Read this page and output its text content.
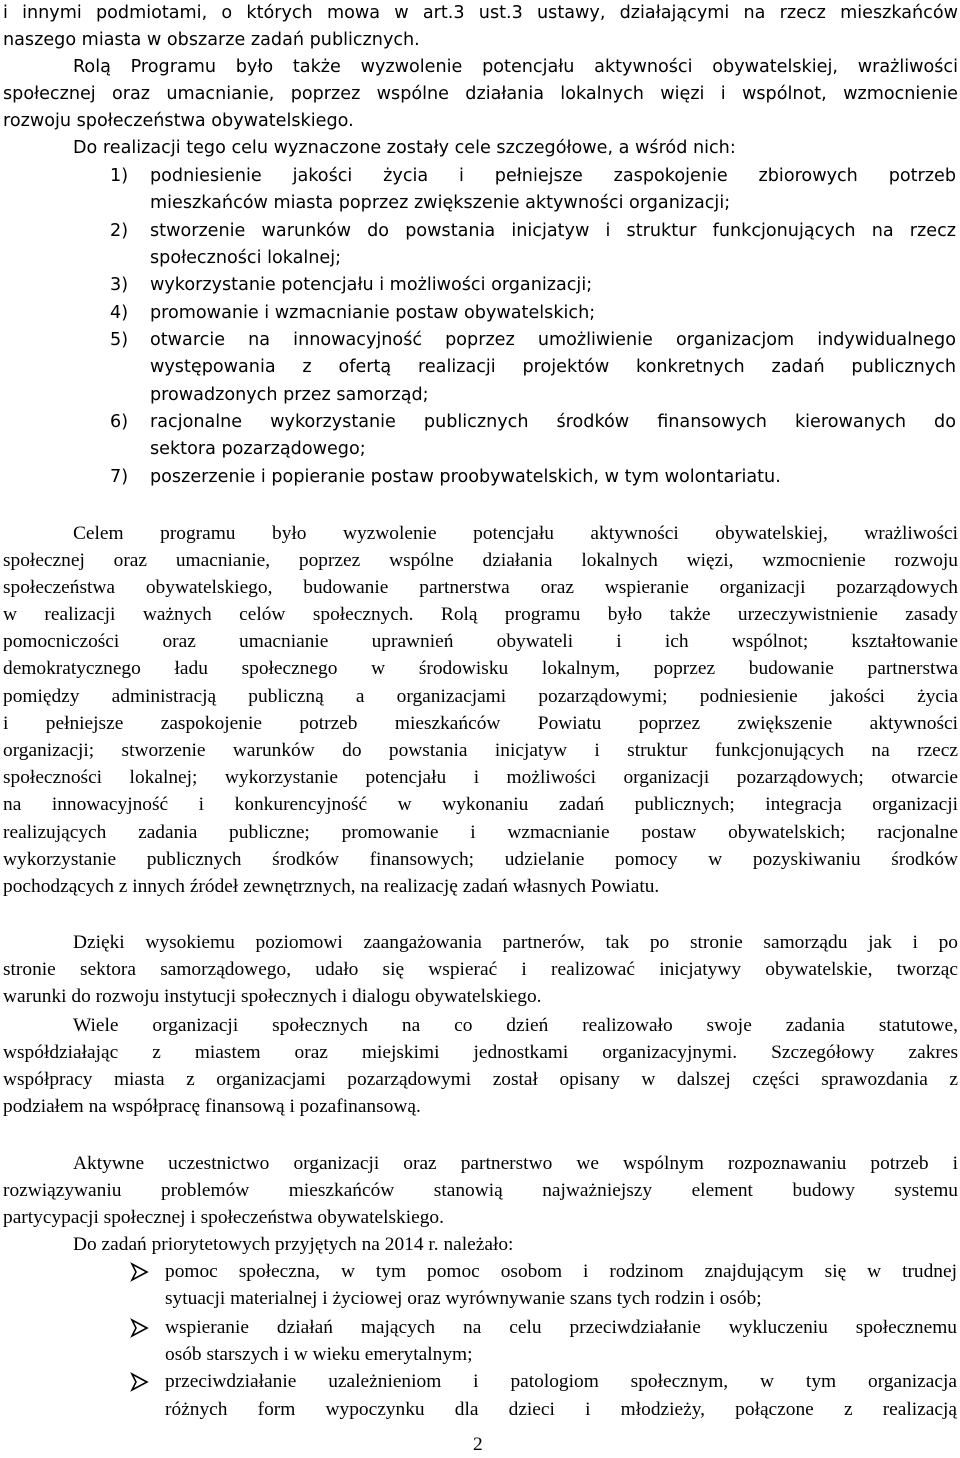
i innymi podmiotami, o których mowa w art.3 ust.3 ustawy, działającymi na rzecz mieszkańców
naszego miasta w obszarze zadań publicznych.
Rolą Programu było także wyzwolenie potencjału aktywności obywatelskiej, wrażliwości
społecznej oraz umacnianie, poprzez wspólne działania lokalnych więzi i wspólnot, wzmocnienie
rozwoju społeczeństwa obywatelskiego.
Do realizacji tego celu wyznaczone zostały cele szczegółowe, a wśród nich:
1) podniesienie jakości życia i pełniejsze zaspokojenie zbiorowych potrzeb
mieszkańców miasta poprzez zwiększenie aktywności organizacji;
2) stworzenie warunków do powstania inicjatyw i struktur funkcjonujących na rzecz
społeczności lokalnej;
3) wykorzystanie potencjału i możliwości organizacji;
4) promowanie i wzmacnianie postaw obywatelskich;
5) otwarcie na innowacyjność poprzez umożliwienie organizacjom indywidualnego
występowania z ofertą realizacji projektów konkretnych zadań publicznych
prowadzonych przez samorząd;
6) racjonalne wykorzystanie publicznych środków finansowych kierowanych do
sektora pozarządowego;
7) poszerzenie i popieranie postaw proobywatelskich, w tym wolontariatu.
Celem programu było wyzwolenie potencjału aktywności obywatelskiej, wrażliwości
społecznej oraz umacnianie, poprzez wspólne działania lokalnych więzi, wzmocnienie rozwoju
społeczeństwa obywatelskiego, budowanie partnerstwa oraz wspieranie organizacji pozarządowych
w realizacji ważnych celów społecznych. Rolą programu było także urzeczywistnienie zasady
pomocniczości oraz umacnianie uprawnień obywateli i ich wspólnot; kształtowanie
demokratycznego ładu społecznego w środowisku lokalnym, poprzez budowanie partnerstwa
pomiędzy administracją publiczną a organizacjami pozarządowymi; podniesienie jakości życia
i pełniejsze zaspokojenie potrzeb mieszkańców Powiatu poprzez zwiększenie aktywności
organizacji; stworzenie warunków do powstania inicjatyw i struktur funkcjonujących na rzecz
społeczności lokalnej; wykorzystanie potencjału i możliwości organizacji pozarządowych; otwarcie
na innowacyjność i konkurencyjność w wykonaniu zadań publicznych; integracja organizacji
realizujących zadania publiczne; promowanie i wzmacnianie postaw obywatelskich; racjonalne
wykorzystanie publicznych środków finansowych; udzielanie pomocy w pozyskiwaniu środków
pochodzących z innych źródeł zewnętrznych, na realizację zadań własnych Powiatu.
Dzięki wysokiemu poziomowi zaangażowania partnerów, tak po stronie samorządu jak i po
stronie sektora samorządowego, udało się wspierać i realizować inicjatywy obywatelskie, tworząc
warunki do rozwoju instytucji społecznych i dialogu obywatelskiego.
Wiele organizacji społecznych na co dzień realizowało swoje zadania statutowe,
współdziałając z miastem oraz miejskimi jednostkami organizacyjnymi. Szczegółowy zakres
współpracy miasta z organizacjami pozarządowymi został opisany w dalszej części sprawozdania z
podziałem na współpracę finansową i pozafinansową.
Aktywne uczestnictwo organizacji oraz partnerstwo we wspólnym rozpoznawaniu potrzeb i
rozwiązywaniu problemów mieszkańców stanowią najważniejszy element budowy systemu
partycypacji społecznej i społeczeństwa obywatelskiego.
Do zadań priorytetowych przyjętych na 2014 r. należało:
pomoc społeczna, w tym pomoc osobom i rodzinom znajdującym się w trudnej
sytuacji materialnej i życiowej oraz wyrównywanie szans tych rodzin i osób;
wspieranie działań mających na celu przeciwdziałanie wykluczeniu społecznemu
osób starszych i w wieku emerytalnym;
przeciwdziałanie uzależnieniom i patologiom społecznym, w tym organizacja
różnych form wypoczynku dla dzieci i młodzieży, połączone z realizacją
2
